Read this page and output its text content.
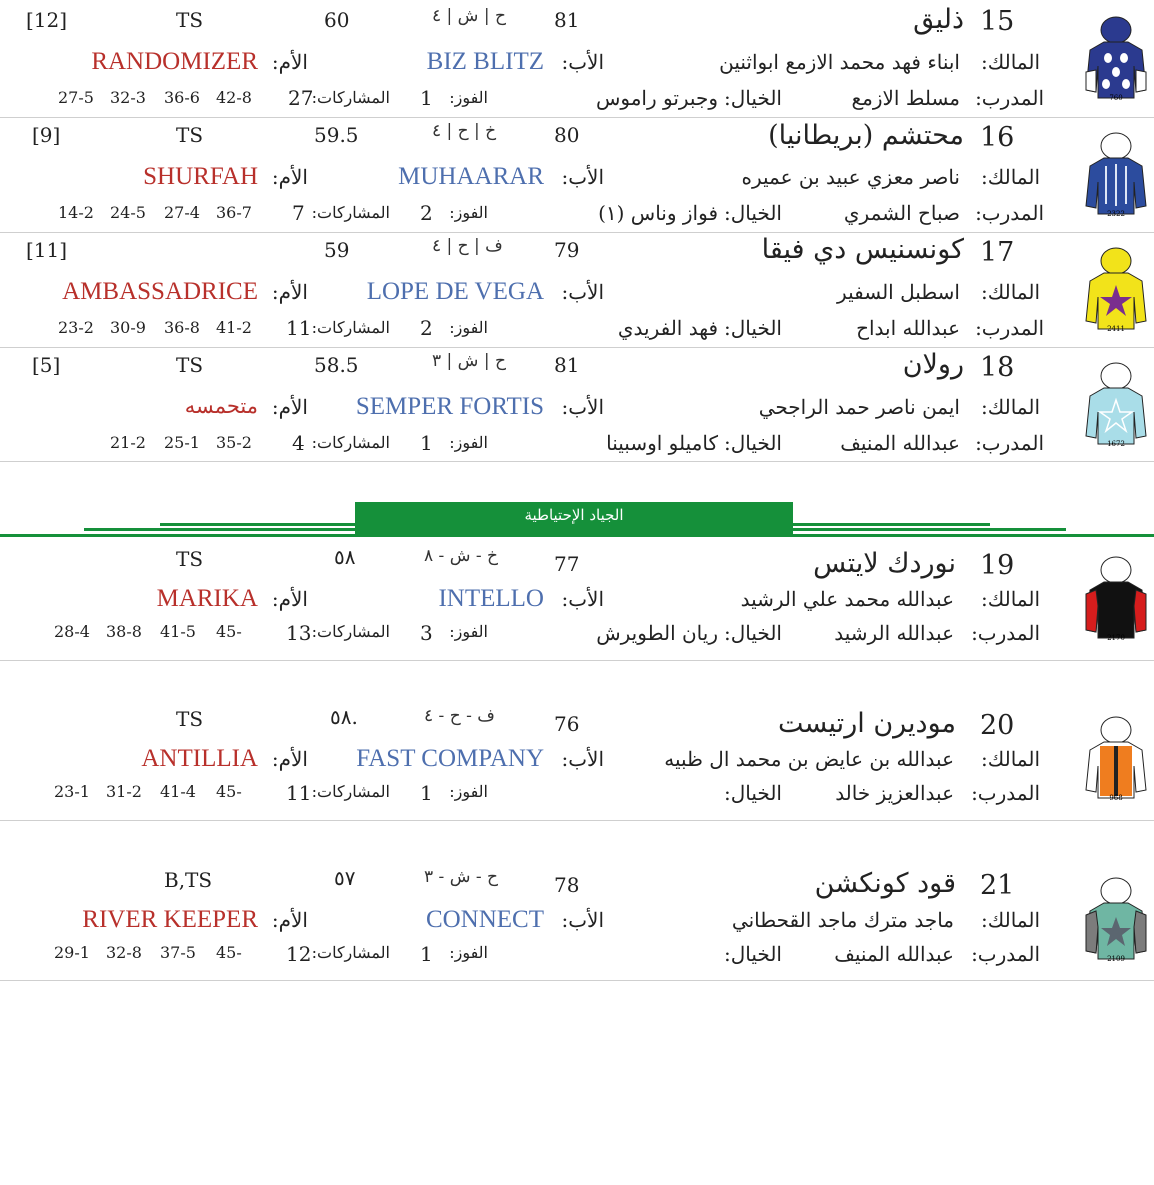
760
15
ذليق
81
ح | ش | ٤
60
TS
[12]
المالك:
ابناء فهد محمد الازمع ابواثنين
الأب:
BIZ BLITZ
الأم:
RANDOMIZER
المدرب:
مسلط الازمع
الخيال:
وجبرتو راموس
الفوز:
1
المشاركات:
27
42-8
36-6
32-3
27-5
2322
16
محتشم (بريطانيا)
80
خ | ح | ٤
59.5
TS
[9]
المالك:
ناصر معزي عبيد بن عميره
الأب:
MUHAARAR
الأم:
SHURFAH
المدرب:
صباح الشمري
الخيال:
فواز وناس (١)
الفوز:
2
المشاركات:
7
36-7
27-4
24-5
14-2
2411
17
كونسنيس دي فيقا
79
ف | ح | ٤
59
[11]
المالك:
اسطبل السفير
الأب:
LOPE DE VEGA
الأم:
AMBASSADRICE
المدرب:
عبدالله ابداح
الخيال:
فهد الفريدي
الفوز:
2
المشاركات:
11
41-2
36-8
30-9
23-2
1672
18
رولان
81
ح | ش | ٣
58.5
TS
[5]
المالك:
ايمن ناصر حمد الراجحي
الأب:
SEMPER FORTIS
الأم:
متحمسه
المدرب:
عبدالله المنيف
الخيال:
كاميلو اوسبينا
الفوز:
1
المشاركات:
4
35-2
25-1
21-2
الجياد الإحتياطية
2170
19
نوردك لايتس
77
خ - ش - ٨
٥٨
TS
المالك:
عبدالله محمد علي الرشيد
الأب:
INTELLO
الأم:
MARIKA
المدرب:
عبدالله الرشيد
الخيال:
ريان الطويرش
الفوز:
3
المشاركات:
13
45-
41-5
38-8
28-4
968
20
موديرن ارتيست
76
ف - ح - ٤
٥٨.
TS
المالك:
عبدالله بن عايض بن محمد ال ظبيه
الأب:
FAST COMPANY
الأم:
ANTILLIA
المدرب:
عبدالعزيز خالد
الخيال:
الفوز:
1
المشاركات:
11
45-
41-4
31-2
23-1
2109
21
قود كونكشن
78
ح - ش - ٣
٥٧
B,TS
المالك:
ماجد مترك ماجد القحطاني
الأب:
CONNECT
الأم:
RIVER KEEPER
المدرب:
عبدالله المنيف
الخيال:
الفوز:
1
المشاركات:
12
45-
37-5
32-8
29-1
